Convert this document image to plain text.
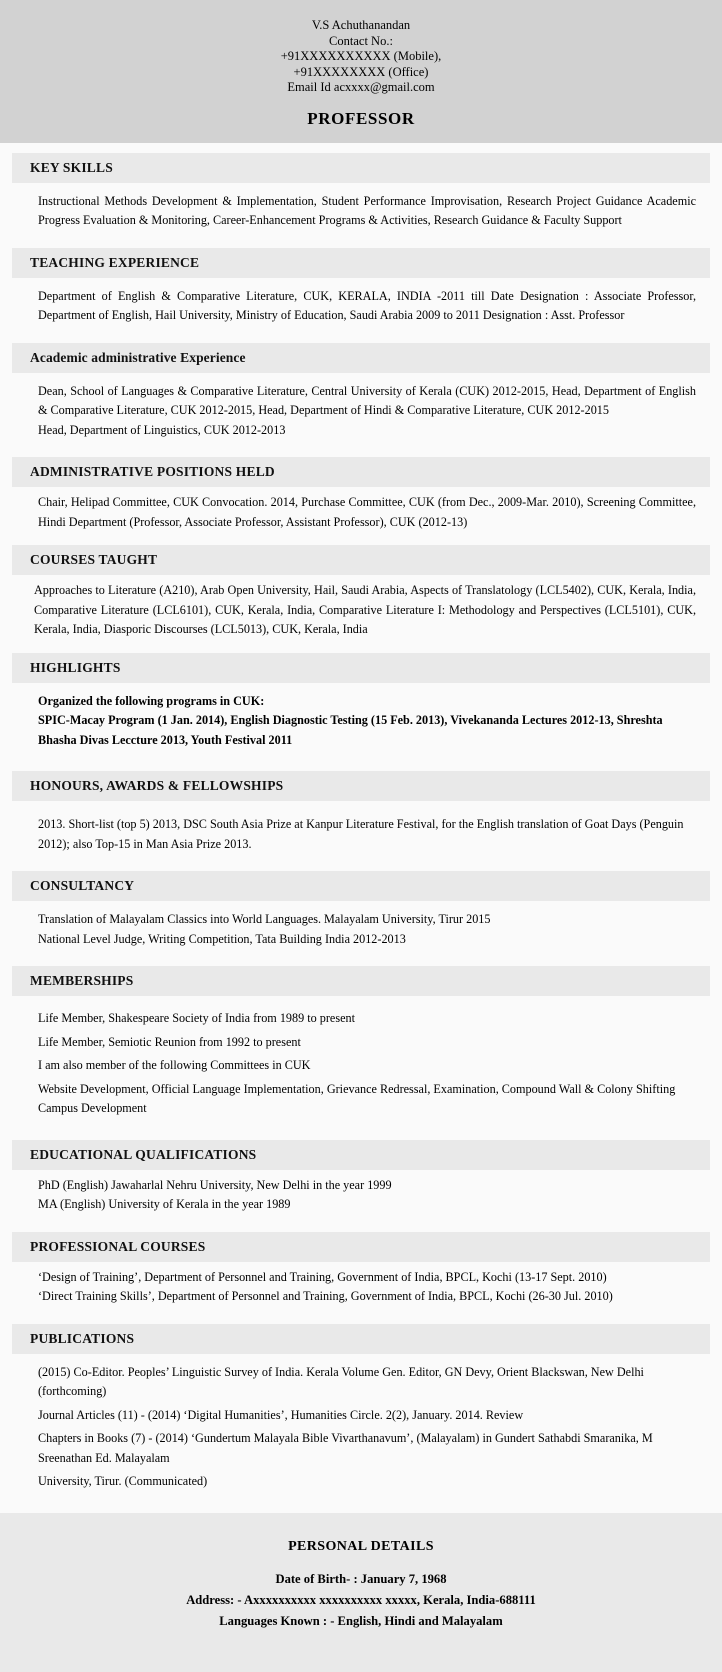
V.S Achuthanandan
Contact No.:
+91XXXXXXXXXX (Mobile),
+91XXXXXXXX (Office)
Email Id acxxxx@gmail.com
PROFESSOR
KEY SKILLS

Instructional Methods Development & Implementation, Student Performance Improvisation, Research Project Guidance Academic Progress Evaluation & Monitoring, Career-Enhancement Programs & Activities, Research Guidance & Faculty Support

TEACHING EXPERIENCE

Department of English & Comparative Literature, CUK, KERALA, INDIA -2011 till Date Designation : Associate Professor, Department of English, Hail University, Ministry of Education, Saudi Arabia 2009 to 2011 Designation : Asst. Professor

Academic administrative Experience

Dean, School of Languages & Comparative Literature, Central University of Kerala (CUK) 2012-2015, Head, Department of English & Comparative Literature, CUK 2012-2015, Head, Department of Hindi & Comparative Literature, CUK 2012-2015

Head, Department of Linguistics, CUK 2012-2013

ADMINISTRATIVE POSITIONS HELD

Chair, Helipad Committee, CUK Convocation. 2014, Purchase Committee, CUK (from Dec., 2009-Mar. 2010), Screening Committee, Hindi Department (Professor, Associate Professor, Assistant Professor), CUK (2012-13)

COURSES TAUGHT

Approaches to Literature (A210), Arab Open University, Hail, Saudi Arabia, Aspects of Translatology (LCL5402), CUK, Kerala, India, Comparative Literature (LCL6101), CUK, Kerala, India, Comparative Literature I: Methodology and Perspectives (LCL5101), CUK, Kerala, India, Diasporic Discourses (LCL5013), CUK, Kerala, India

HIGHLIGHTS

Organized the following programs in CUK:

SPIC-Macay Program (1 Jan. 2014), English Diagnostic Testing (15 Feb. 2013), Vivekananda Lectures 2012-13, Shreshta Bhasha Divas Leccture 2013, Youth Festival 2011

HONOURS, AWARDS & FELLOWSHIPS

2013. Short-list (top 5) 2013, DSC South Asia Prize at Kanpur Literature Festival, for the English translation of Goat Days (Penguin

2012); also Top-15 in Man Asia Prize 2013.

CONSULTANCY

Translation of Malayalam Classics into World Languages. Malayalam University, Tirur 2015

National Level Judge, Writing Competition, Tata Building India 2012-2013

MEMBERSHIPS

Life Member, Shakespeare Society of India from 1989 to present

Life Member, Semiotic Reunion from 1992 to present

I am also member of the following Committees in CUK

Website Development, Official Language Implementation, Grievance Redressal, Examination, Compound Wall & Colony Shifting Campus Development

EDUCATIONAL QUALIFICATIONS

PhD (English) Jawaharlal Nehru University, New Delhi in the year 1999

MA (English) University of Kerala in the year 1989

PROFESSIONAL COURSES

‘Design of Training’, Department of Personnel and Training, Government of India, BPCL, Kochi (13-17 Sept. 2010)

‘Direct Training Skills’, Department of Personnel and Training, Government of India, BPCL, Kochi (26-30 Jul. 2010)

PUBLICATIONS

(2015) Co-Editor. Peoples’ Linguistic Survey of India. Kerala Volume Gen. Editor, GN Devy, Orient Blackswan, New Delhi (forthcoming)

Journal Articles (11) - (2014) ‘Digital Humanities’, Humanities Circle. 2(2), January. 2014. Review

Chapters in Books (7) - (2014) ‘Gundertum Malayala Bible Vivarthanavum’, (Malayalam) in Gundert Sathabdi Smaranika, M Sreenathan Ed. Malayalam

University, Tirur. (Communicated)

PERSONAL DETAILS
Date of Birth- : January 7, 1968
Address: - Axxxxxxxxxx xxxxxxxxxx xxxxx, Kerala, India-688111
Languages Known : - English, Hindi and Malayalam
